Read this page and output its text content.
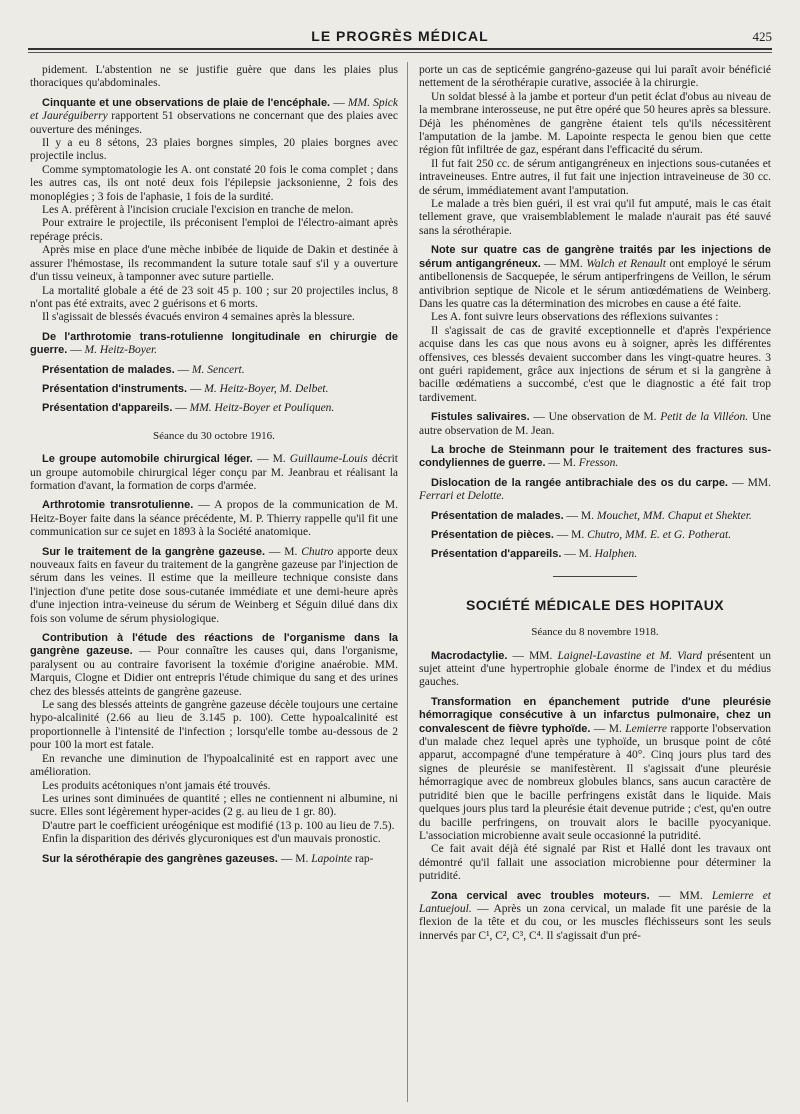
LE PROGRÈS MÉDICAL	425

pidement. L'abstention ne se justifie guère que dans les plaies plus thoraciques qu'abdominales.

Cinquante et une observations de plaie de l'encéphale. — MM. Spick et Jauréguiberry rapportent 51 observations ne concernant que des plaies avec ouverture des méninges.

Il y a eu 8 sétons, 23 plaies borgnes simples, 20 plaies borgnes avec projectile inclus.

Comme symptomatologie les A. ont constaté 20 fois le coma complet ; dans les autres cas, ils ont noté deux fois l'épilepsie jacksonienne, 2 fois des monoplégies ; 3 fois de l'aphasie, 1 fois de la surdité.

Les A. préfèrent à l'incision cruciale l'excision en tranche de melon.

Pour extraire le projectile, ils préconisent l'emploi de l'électro-aimant après repérage précis.

Après mise en place d'une mèche inbibée de liquide de Dakin et destinée à assurer l'hémostase, ils recommandent la suture totale sauf s'il y a ouverture d'un tissu veineux, à tamponner avec suture partielle.

La mortalité globale a été de 23 soit 45 p. 100 ; sur 20 projectiles inclus, 8 n'ont pas été extraits, avec 2 guérisons et 6 morts.

Il s'agissait de blessés évacués environ 4 semaines après la blessure.

De l'arthrotomie trans-rotulienne longitudinale en chirurgie de guerre. — M. Heitz-Boyer.

Présentation de malades. — M. Sencert.

Présentation d'instruments. — M. Heitz-Boyer, M. Delbet.

Présentation d'appareils. — MM. Heitz-Boyer et Pouliquen.

Séance du 30 octobre 1916.

Le groupe automobile chirurgical léger. — M. Guillaume-Louis décrit un groupe automobile chirurgical léger conçu par M. Jeanbrau et réalisant la formation d'avant, la formation de corps d'armée.

Arthrotomie transrotulienne. — A propos de la communication de M. Heitz-Boyer faite dans la séance précédente, M. P. Thierry rappelle qu'il fit une communication sur ce sujet en 1893 à la Société anatomique.

Sur le traitement de la gangrène gazeuse. — M. Chutro apporte deux nouveaux faits en faveur du traitement de la gangrène gazeuse par l'injection de sérum dans les veines. Il estime que la meilleure technique consiste dans l'injection d'une petite dose sous-cutanée immédiate et une demi-heure après d'une injection intra-veineuse du sérum de Weinberg et Séguin dilué dans dix fois son volume de sérum physiologique.

Contribution à l'étude des réactions de l'organisme dans la gangrène gazeuse. — Pour connaître les causes qui, dans l'organisme, paralysent ou au contraire favorisent la toxémie d'origine anaérobie. MM. Marquis, Clogne et Didier ont entrepris l'étude chimique du sang et des urines chez des blessés atteints de gangrène gazeuse.

Le sang des blessés atteints de gangrène gazeuse décèle toujours une certaine hypo-alcalinité (2.66 au lieu de 3.145 p. 100). Cette hypoalcalinité est proportionnelle à l'intensité de l'infection ; lorsqu'elle tombe au-dessous de 2 pour 100 la mort est fatale.

En revanche une diminution de l'hypoalcalinité est en rapport avec une amélioration.

Les produits acétoniques n'ont jamais été trouvés.

Les urines sont diminuées de quantité ; elles ne contiennent ni albumine, ni sucre. Elles sont légèrement hyper-acides (2 g. au lieu de 1 gr. 80).

D'autre part le coefficient uréogénique est modifié (13 p. 100 au lieu de 7.5).

Enfin la disparition des dérivés glycuroniques est d'un mauvais pronostic.

Sur la sérothérapie des gangrènes gazeuses. — M. Lapointe rap-

porte un cas de septicémie gangréno-gazeuse qui lui paraît avoir bénéficié nettement de la sérothérapie curative, associée à la chirurgie.

Un soldat blessé à la jambe et porteur d'un petit éclat d'obus au niveau de la membrane interosseuse, ne put être opéré que 50 heures après sa blessure. Déjà les phénomènes de gangrène étaient tels qu'ils nécessitèrent l'amputation de la jambe. M. Lapointe respecta le genou bien que cette région fût infiltrée de gaz, espérant dans l'efficacité du sérum.

Il fut fait 250 cc. de sérum antigangréneux en injections sous-cutanées et intraveineuses. Entre autres, il fut fait une injection intraveineuse de 30 cc. de sérum, immédiatement avant l'amputation.

Le malade a très bien guéri, il est vrai qu'il fut amputé, mais le cas était tellement grave, que vraisemblablement le malade n'aurait pas été sauvé sans la sérothérapie.

Note sur quatre cas de gangrène traités par les injections de sérum antigangréneux. — MM. Walch et Renault ont employé le sérum antibellonensis de Sacquepée, le sérum antiperfringens de Veillon, le sérum antivibrion septique de Nicole et le sérum antiœdématiens de Weinberg. Dans les quatre cas la détermination des microbes en cause a été faite.

Les A. font suivre leurs observations des réflexions suivantes :

Il s'agissait de cas de gravité exceptionnelle et d'après l'expérience acquise dans les cas que nous avons eu à soigner, après les différentes offensives, ces blessés devaient succomber dans les vingt-quatre heures. 3 ont guéri rapidement, grâce aux injections de sérum et si la gangrène à bacille œdématiens a succombé, c'est que le diagnostic a été fait trop tardivement.

Fistules salivaires. — Une observation de M. Petit de la Villéon. Une autre observation de M. Jean.

La broche de Steinmann pour le traitement des fractures sus-condyliennes de guerre. — M. Fresson.

Dislocation de la rangée antibrachiale des os du carpe. — MM. Ferrari et Delotte.

Présentation de malades. — M. Mouchet, MM. Chaput et Shekter.

Présentation de pièces. — M. Chutro, MM. E. et G. Potherat.

Présentation d'appareils. — M. Halphen.

SOCIÉTÉ MÉDICALE DES HOPITAUX
Séance du 8 novembre 1918.

Macrodactylie. — MM. Laignel-Lavastine et M. Viard présentent un sujet atteint d'une hypertrophie globale énorme de l'index et du médius gauches.

Transformation en épanchement putride d'une pleurésie hémorragique consécutive à un infarctus pulmonaire, chez un convalescent de fièvre typhoïde. — M. Lemierre rapporte l'observation d'un malade chez lequel après une typhoïde, un brusque point de côté apparut, accompagné d'une température à 40°. Cinq jours plus tard des signes de pleurésie se manifestèrent. Il s'agissait d'une pleurésie hémorragique avec de nombreux globules blancs, sans aucun caractère de putridité bien que le bacille perfringens existât dans le liquide. Mais quelques jours plus tard la pleurésie était devenue putride ; c'est, qu'en outre du bacille perfringens, on trouvait alors le bacille pyocyanique. L'association microbienne avait seule occasionné la putridité.

Ce fait avait déjà été signalé par Rist et Hallé dont les travaux ont démontré qu'il fallait une association microbienne pour déterminer la putridité.

Zona cervical avec troubles moteurs. — MM. Lemierre et Lantuejoul. — Après un zona cervical, un malade fit une parésie de la flexion de la tête et du cou, or les muscles fléchisseurs sont les seuls innervés par C¹, C², C³, C⁴. Il s'agissait d'un pré-
